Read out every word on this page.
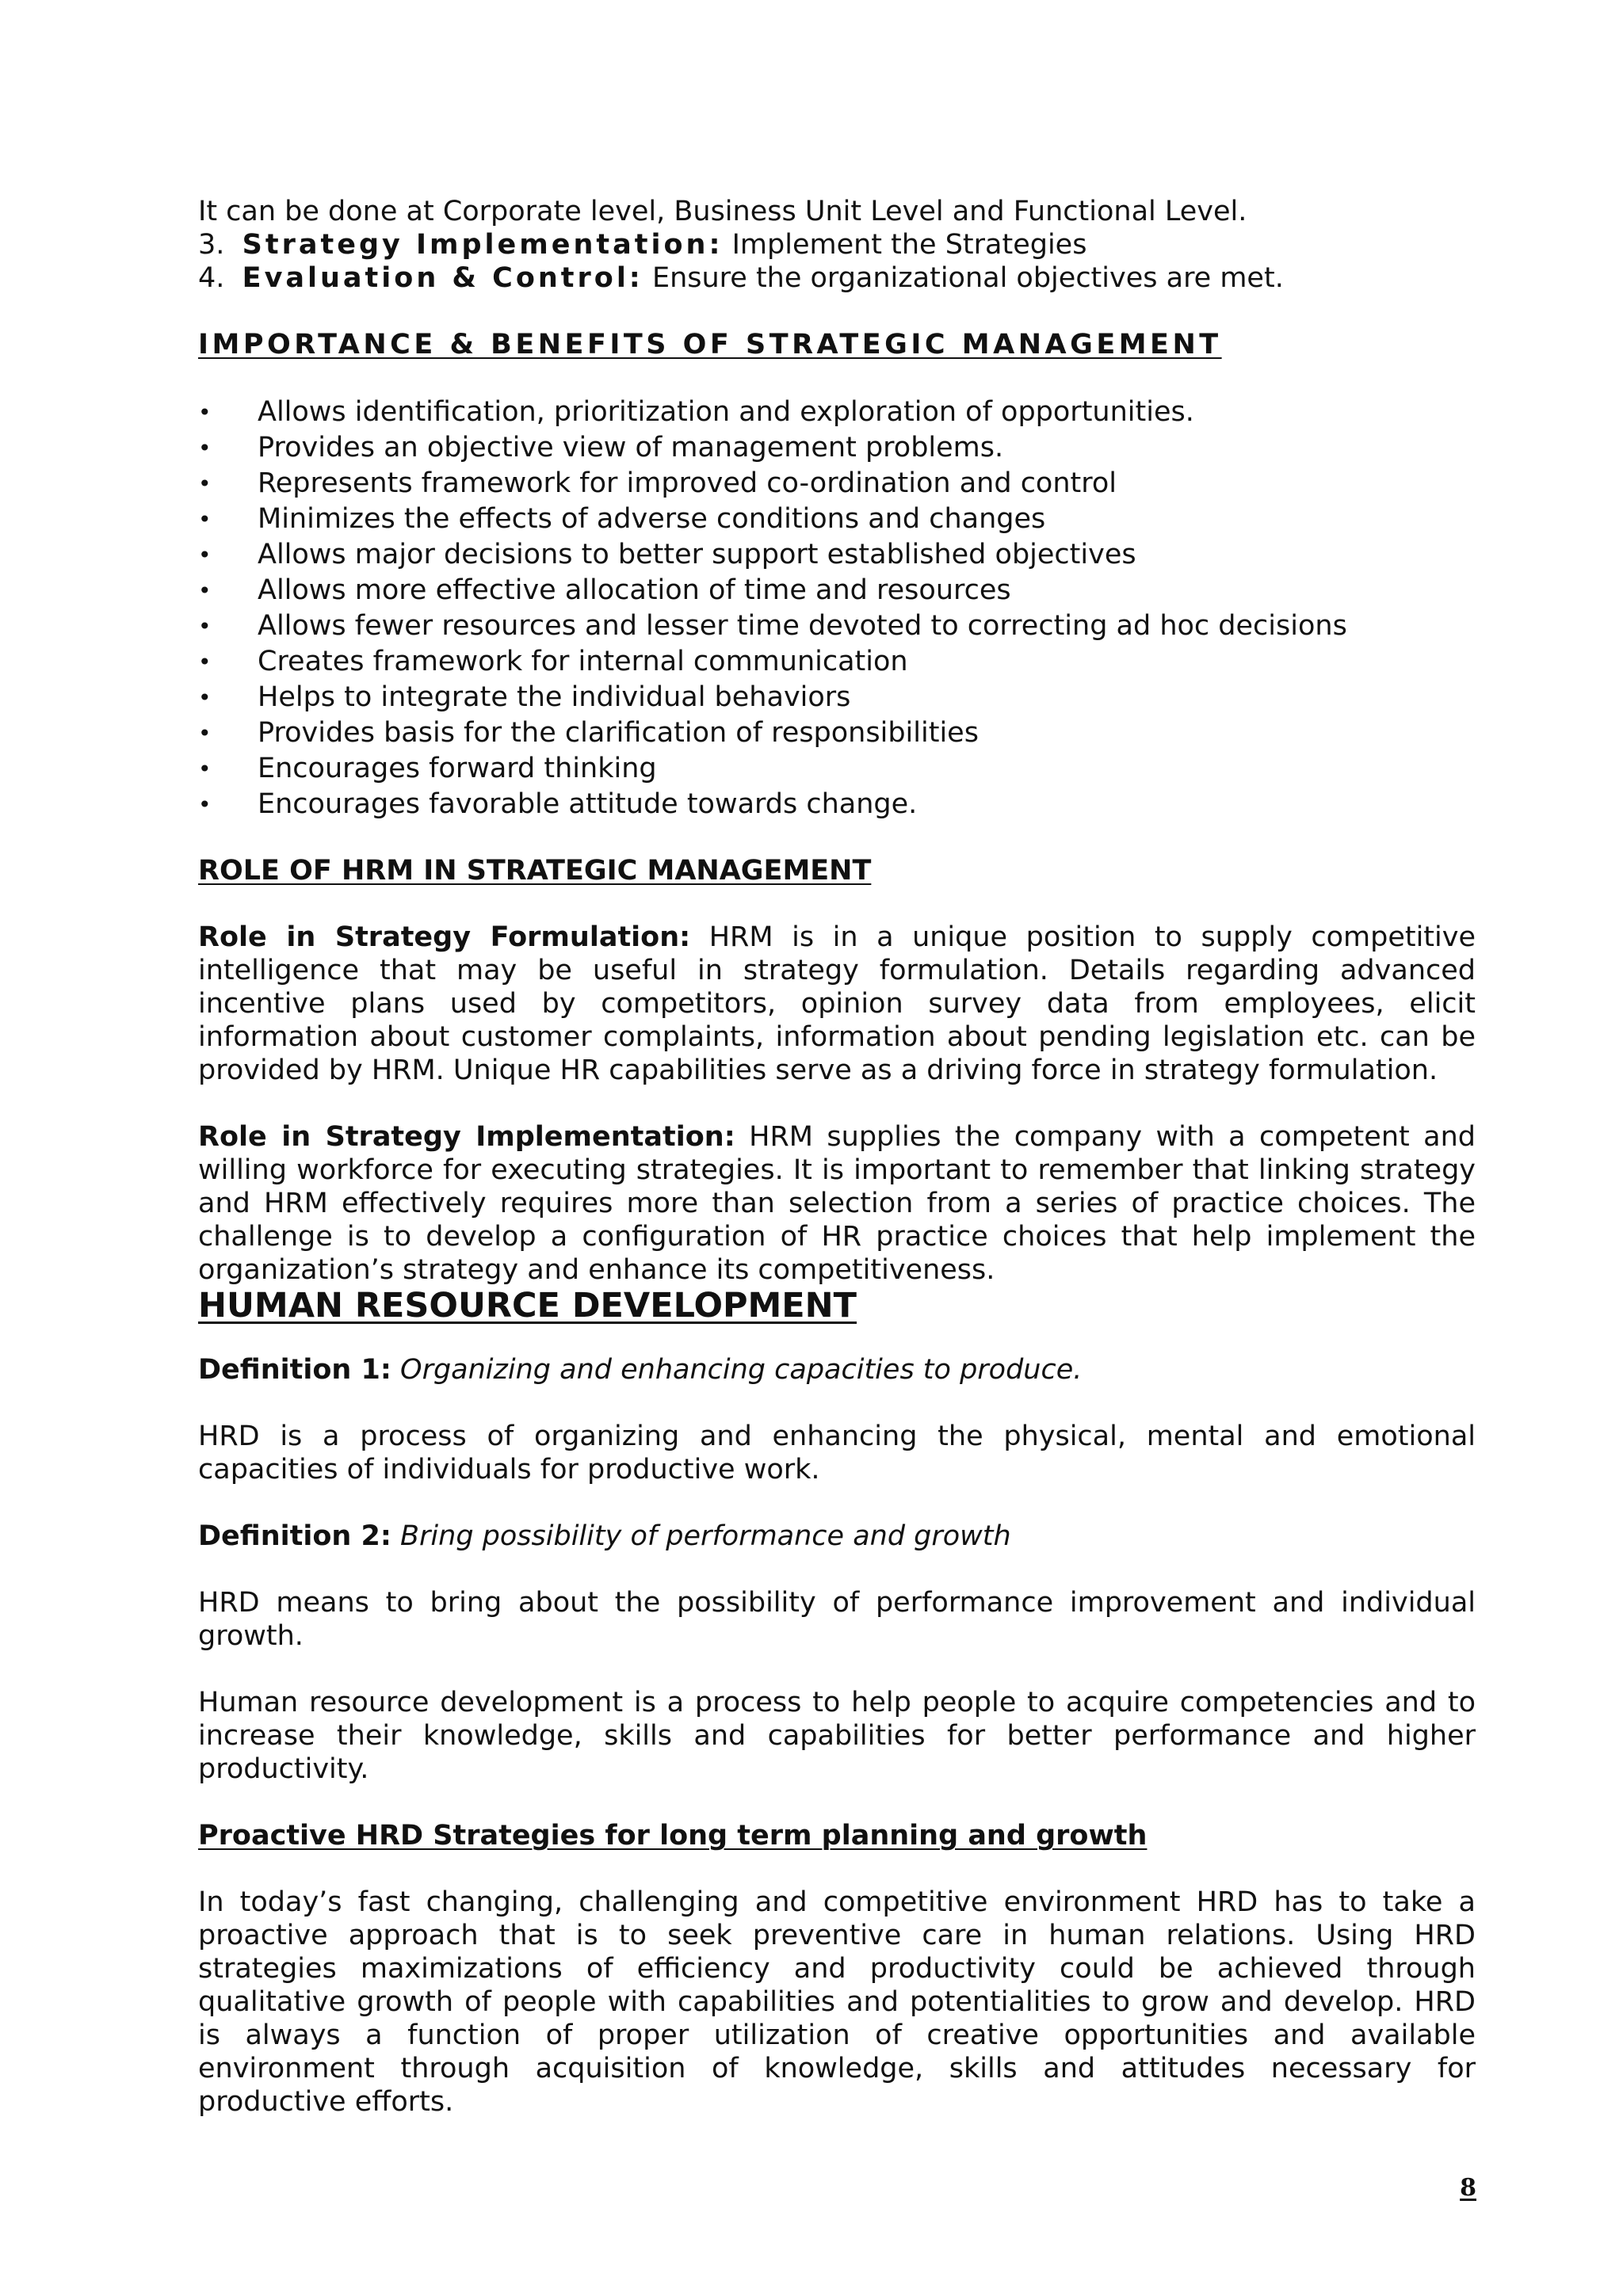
It can be done at Corporate level, Business Unit Level and Functional Level.

3. Strategy Implementation: Implement the Strategies

4. Evaluation & Control: Ensure the organizational objectives are met.

IMPORTANCE & BENEFITS OF STRATEGIC MANAGEMENT

• Allows identification, prioritization and exploration of opportunities.
• Provides an objective view of management problems.
• Represents framework for improved co-ordination and control
• Minimizes the effects of adverse conditions and changes
• Allows major decisions to better support established objectives
• Allows more effective allocation of time and resources
• Allows fewer resources and lesser time devoted to correcting ad hoc decisions
• Creates framework for internal communication
• Helps to integrate the individual behaviors
• Provides basis for the clarification of responsibilities
• Encourages forward thinking
• Encourages favorable attitude towards change.

ROLE OF HRM IN STRATEGIC MANAGEMENT

Role in Strategy Formulation: HRM is in a unique position to supply competitive intelligence that may be useful in strategy formulation. Details regarding advanced incentive plans used by competitors, opinion survey data from employees, elicit information about customer complaints, information about pending legislation etc. can be provided by HRM. Unique HR capabilities serve as a driving force in strategy formulation.

Role in Strategy Implementation: HRM supplies the company with a competent and willing workforce for executing strategies. It is important to remember that linking strategy and HRM effectively requires more than selection from a series of practice choices. The challenge is to develop a configuration of HR practice choices that help implement the organization’s strategy and enhance its competitiveness.

HUMAN RESOURCE DEVELOPMENT

Definition 1: Organizing and enhancing capacities to produce.

HRD is a process of organizing and enhancing the physical, mental and emotional capacities of individuals for productive work.

Definition 2: Bring possibility of performance and growth

HRD means to bring about the possibility of performance improvement and individual growth.

Human resource development is a process to help people to acquire competencies and to increase their knowledge, skills and capabilities for better performance and higher productivity.

Proactive HRD Strategies for long term planning and growth

In today’s fast changing, challenging and competitive environment HRD has to take a proactive approach that is to seek preventive care in human relations. Using HRD strategies maximizations of efficiency and productivity could be achieved through qualitative growth of people with capabilities and potentialities to grow and develop. HRD is always a function of proper utilization of creative opportunities and available environment through acquisition of knowledge, skills and attitudes necessary for productive efforts.

8
